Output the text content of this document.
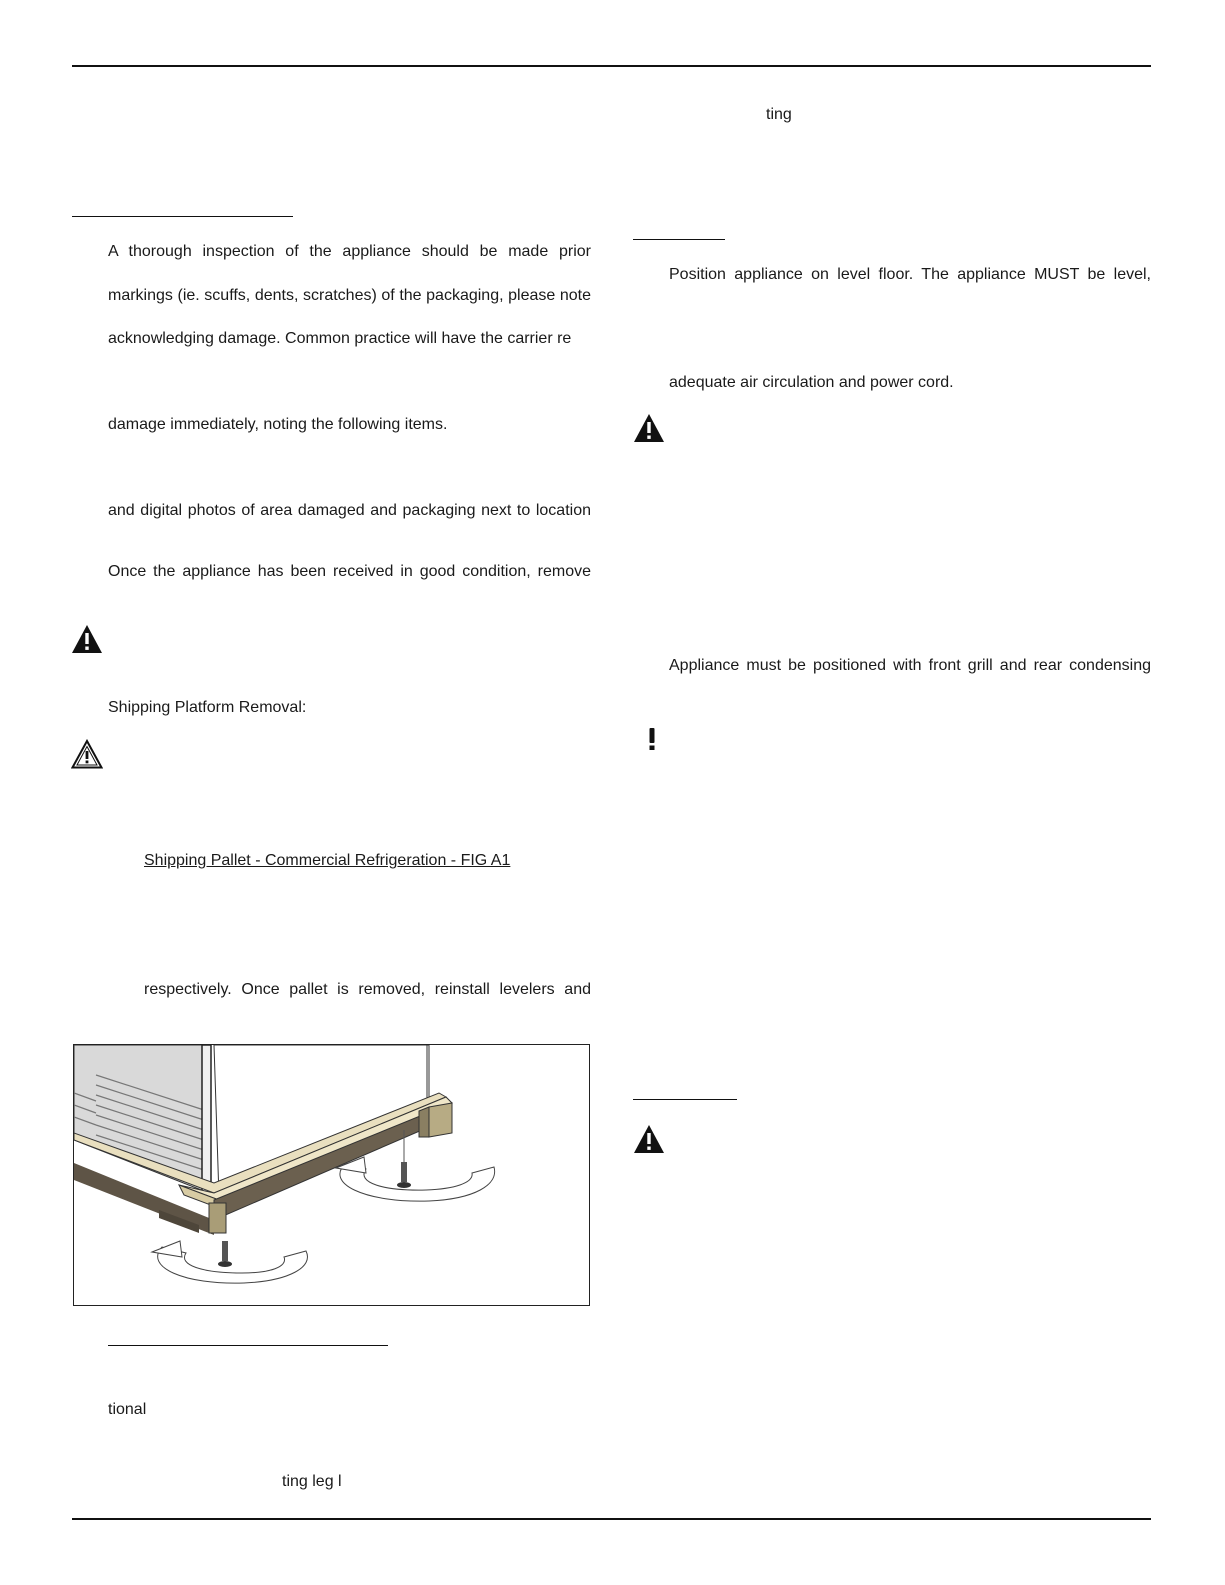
A thorough inspection of the appliance should be made prior
markings (ie. scuffs, dents, scratches) of the packaging, please note
acknowledging damage. Common practice will have the carrier re
damage immediately, noting the following items.
and digital photos of area damaged and packaging next to location
Once the appliance has been received in good condition, remove
Shipping Platform Removal:
Shipping Pallet - Commercial Refrigeration - FIG A1
respectively. Once pallet is removed, reinstall levelers and
tional
ting leg l
ting
Position appliance on level floor. The appliance MUST be level,
adequate air circulation and power cord.
Appliance must be positioned with front grill and rear condensing
